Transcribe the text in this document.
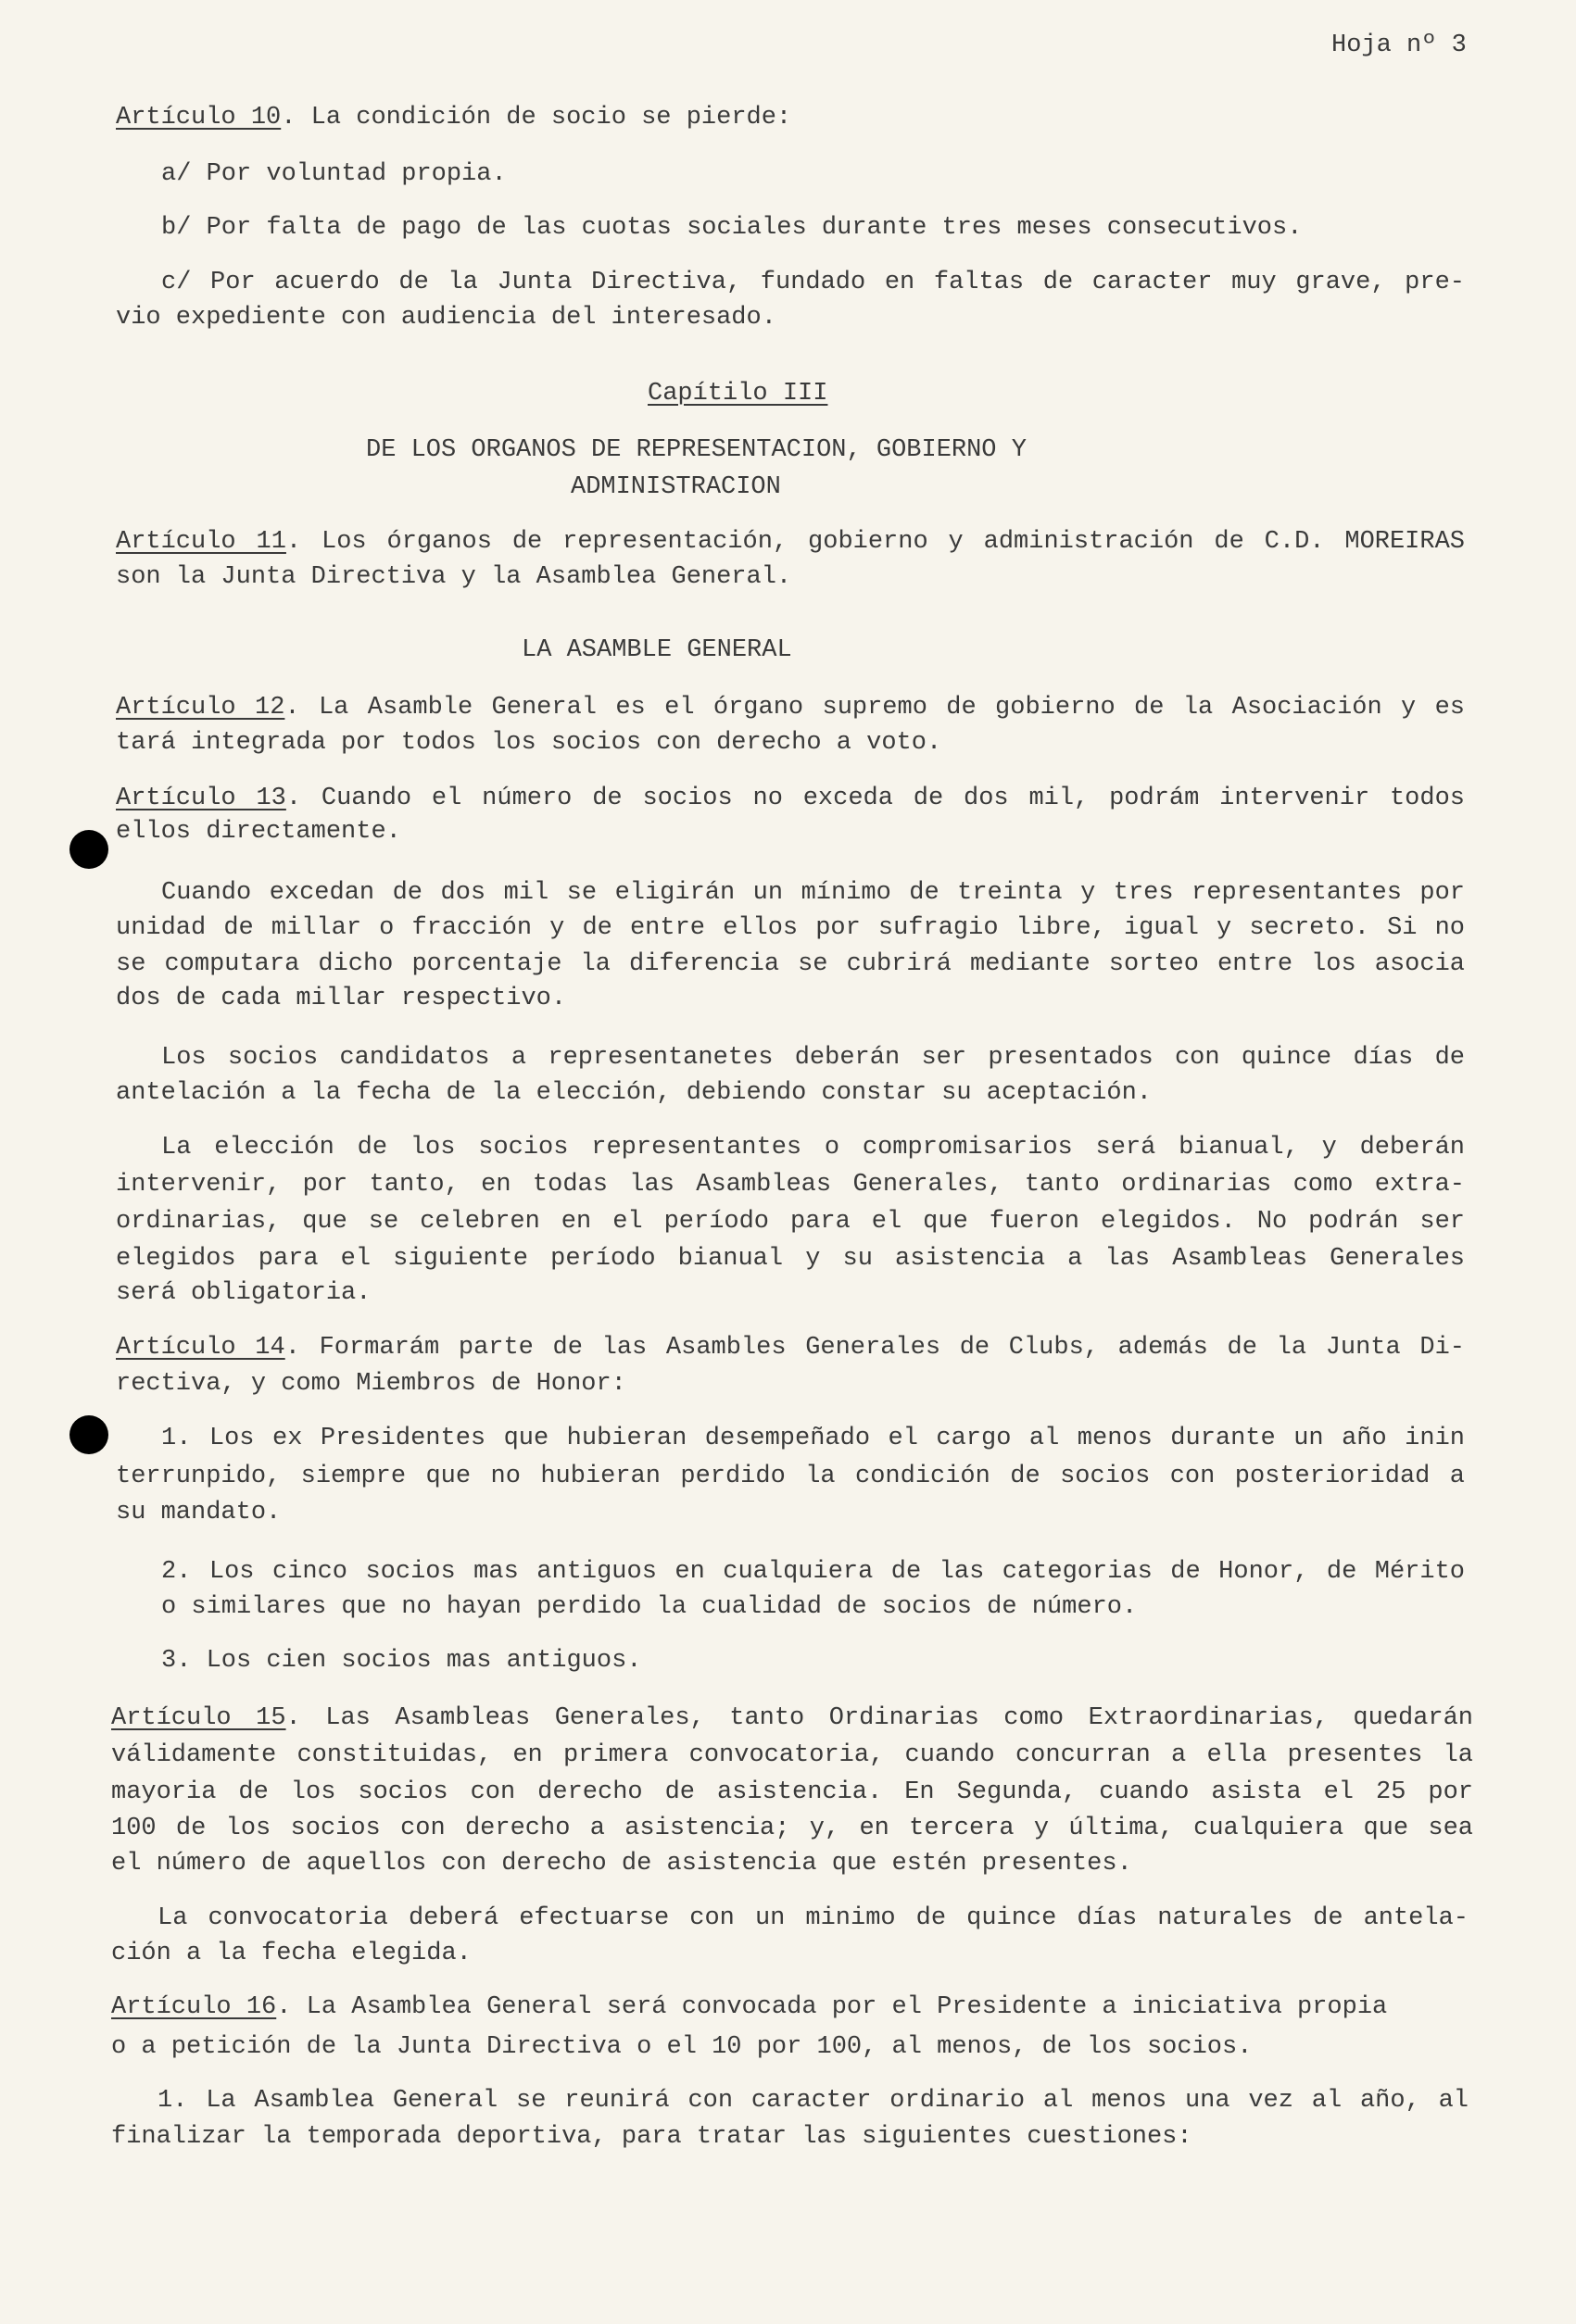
Hoja nº 3
Artículo 10. La condición de socio se pierde:
a/ Por voluntad propia.
b/ Por falta de pago de las cuotas sociales durante tres meses consecutivos.
c/ Por acuerdo de la Junta Directiva, fundado en faltas de caracter muy grave, pre-
vio expediente con audiencia del interesado.
Capítilo III
DE LOS ORGANOS DE REPRESENTACION, GOBIERNO Y
ADMINISTRACION
Artículo 11. Los órganos de representación, gobierno y administración de C.D. MOREIRAS
son la Junta Directiva y la Asamblea General.
LA ASAMBLE GENERAL
Artículo 12. La Asamble General es el órgano supremo de gobierno de la Asociación y es
tará integrada por todos los socios con derecho a voto.
Artículo 13. Cuando el número de socios no exceda de dos mil, podrám intervenir todos
ellos directamente.
Cuando excedan de dos mil se eligirán un mínimo de treinta y tres representantes por
unidad de millar o fracción y de entre ellos por sufragio libre, igual y secreto. Si no
se computara dicho porcentaje la diferencia se cubrirá mediante sorteo entre los asocia
dos de cada millar respectivo.
Los socios candidatos a representanetes deberán ser presentados con quince días de
antelación a la fecha de la elección, debiendo constar su aceptación.
La elección de los socios representantes o compromisarios será bianual, y deberán
intervenir, por tanto, en todas las Asambleas Generales, tanto ordinarias como extra-
ordinarias, que se celebren en el período para el que fueron elegidos. No podrán ser
elegidos para el siguiente período bianual y su asistencia a las Asambleas Generales
será obligatoria.
Artículo 14. Formarám parte de las Asambles Generales de Clubs, además de la Junta Di-
rectiva, y como Miembros de Honor:
1. Los ex Presidentes que hubieran desempeñado el cargo al menos durante un año inin
terrunpido, siempre que no hubieran perdido la condición de socios con posterioridad a
su mandato.
2. Los cinco socios mas antiguos en cualquiera de las categorias de Honor, de Mérito
o similares que no hayan perdido la cualidad de socios de número.
3. Los cien socios mas antiguos.
Artículo 15. Las Asambleas Generales, tanto Ordinarias como Extraordinarias, quedarán
válidamente constituidas, en primera convocatoria, cuando concurran a ella presentes la
mayoria de los socios con derecho de asistencia. En Segunda, cuando asista el 25 por
100 de los socios con derecho a asistencia; y, en tercera y última, cualquiera que sea
el número de aquellos con derecho de asistencia que estén presentes.
La convocatoria deberá efectuarse con un minimo de quince días naturales de antela-
ción a la fecha elegida.
Artículo 16. La Asamblea General será convocada por el Presidente a iniciativa propia
o a petición de la Junta Directiva o el 10 por 100, al menos, de los socios.
1. La Asamblea General se reunirá con caracter ordinario al menos una vez al año, al
finalizar la temporada deportiva, para tratar las siguientes cuestiones:
